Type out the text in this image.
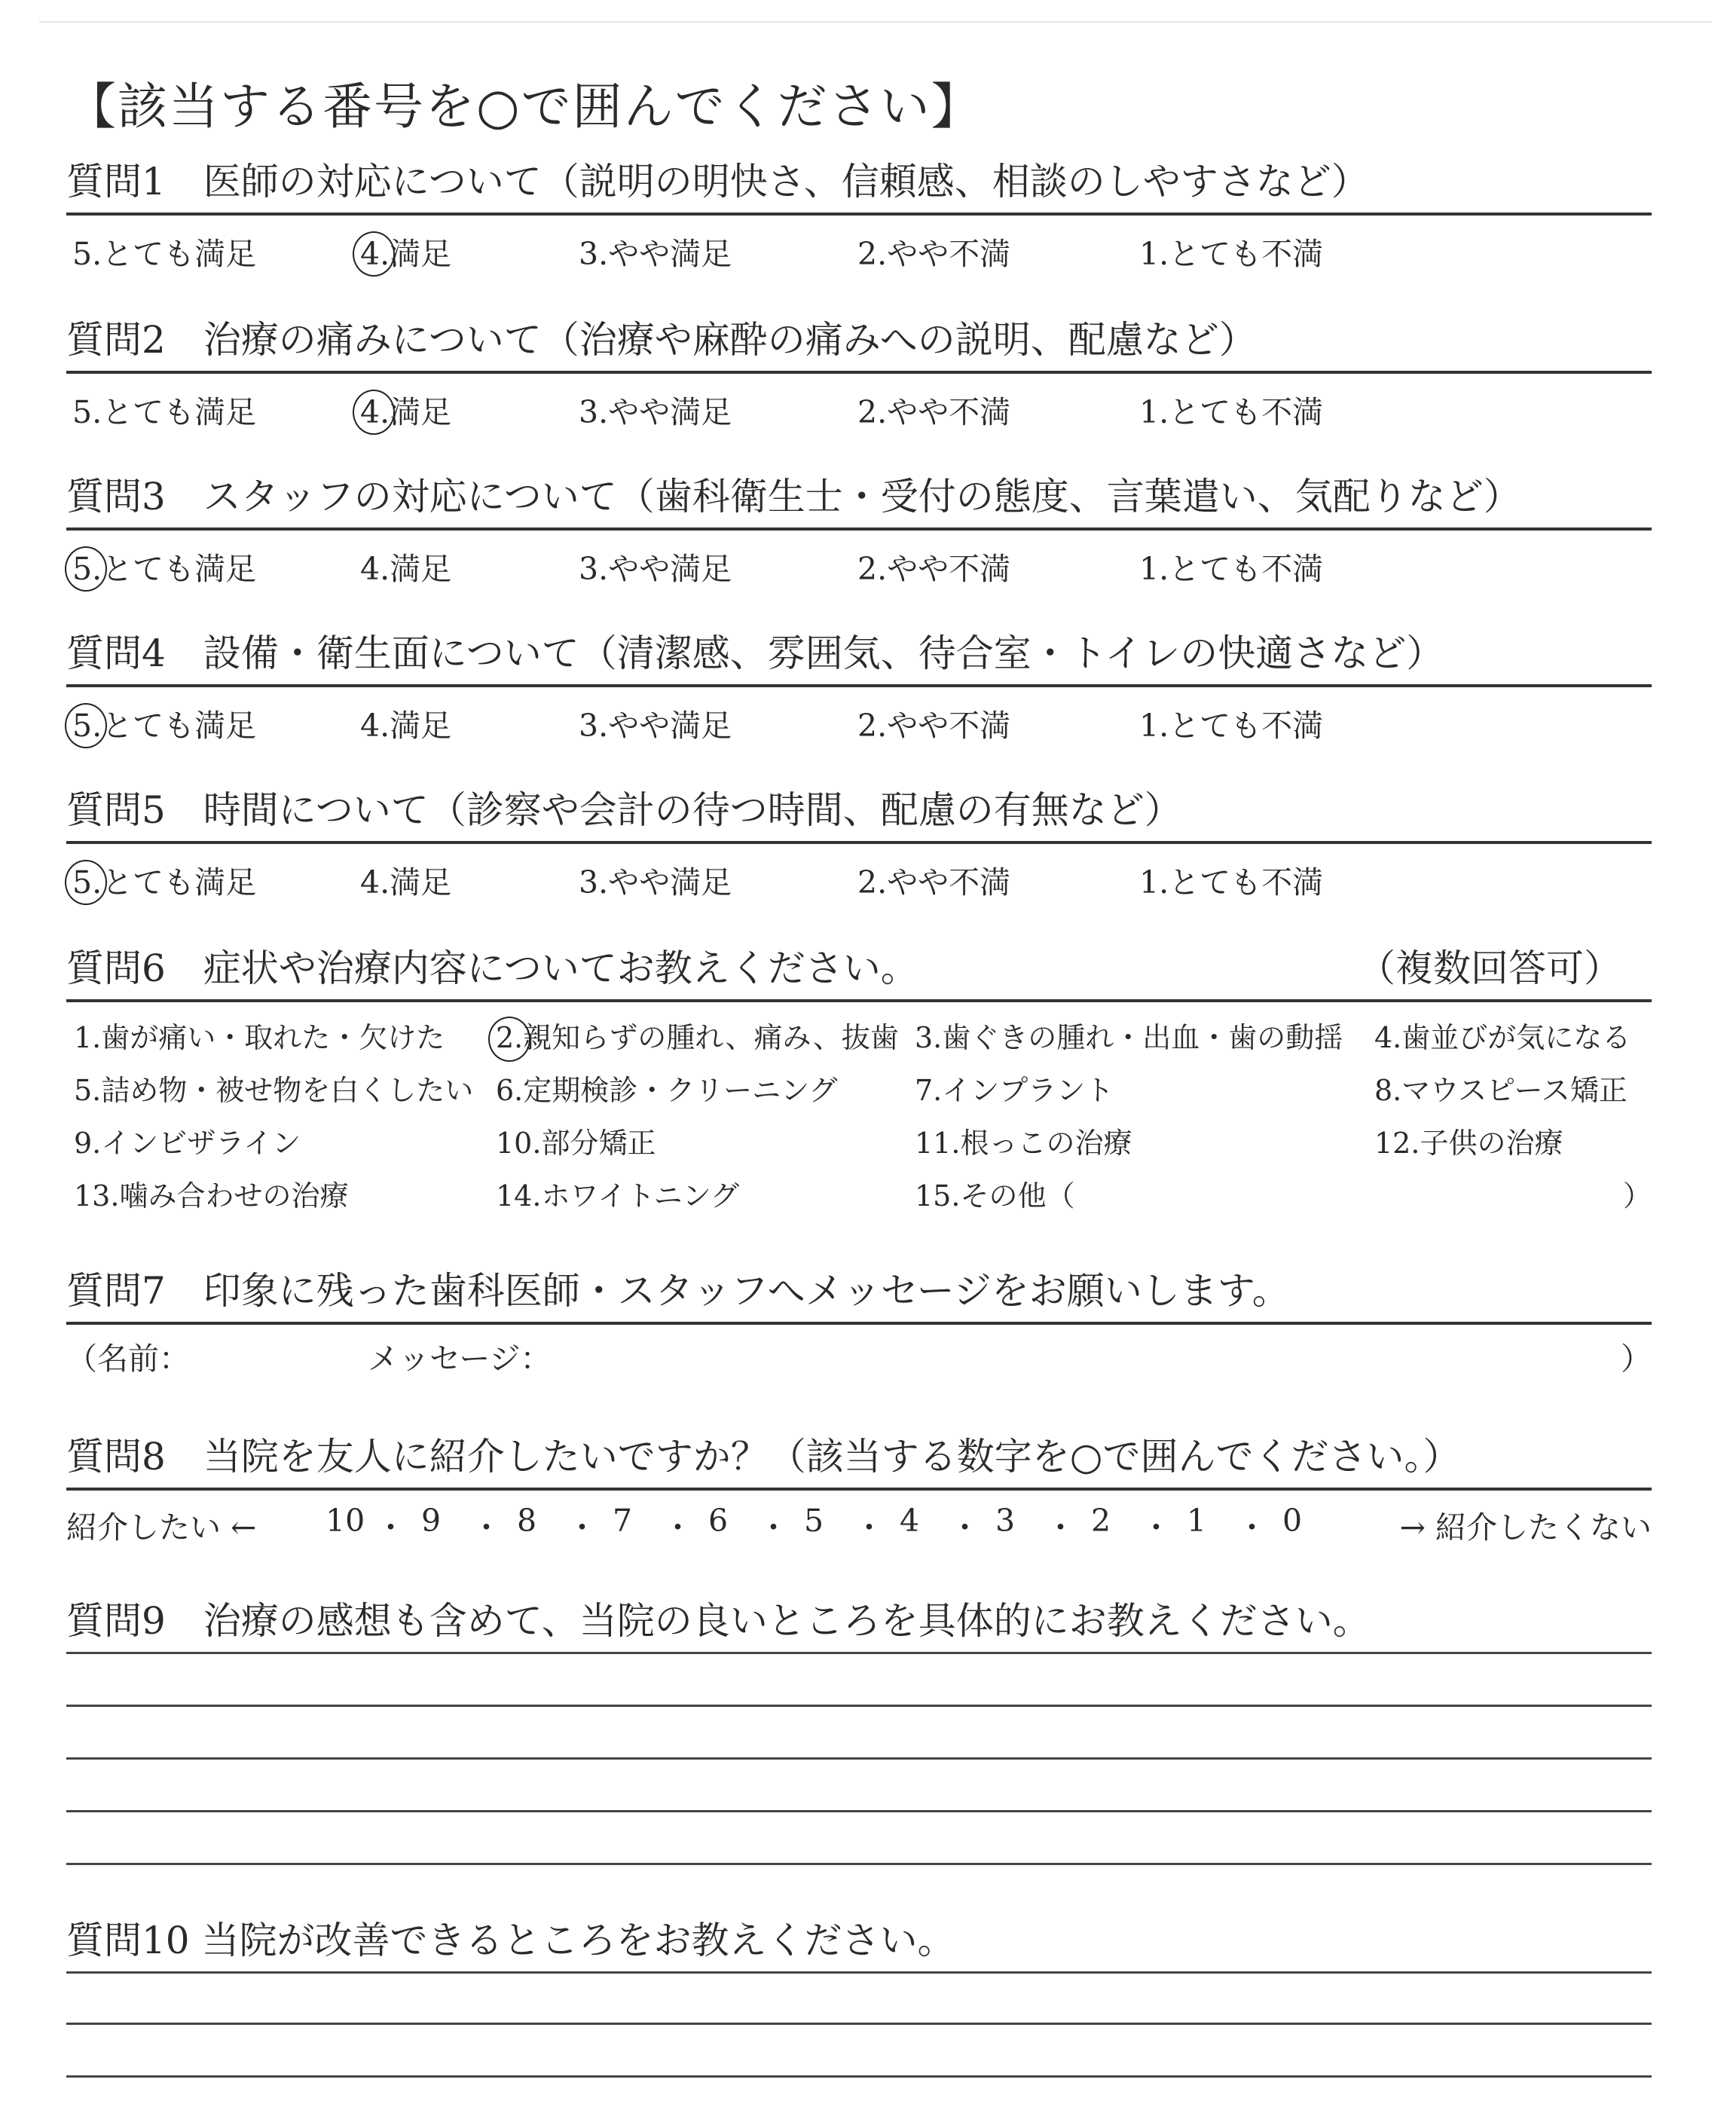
【該当する番号を○で囲んでください】
質問1　医師の対応について（説明の明快さ、信頼感、相談のしやすさなど）
5.とても満足	4.満足	3.やや満足	2.やや不満	1.とても不満
質問2　治療の痛みについて（治療や麻酔の痛みへの説明、配慮など）
5.とても満足	4.満足	3.やや満足	2.やや不満	1.とても不満
質問3　スタッフの対応について（歯科衛生士・受付の態度、言葉遣い、気配りなど）
5.とても満足	4.満足	3.やや満足	2.やや不満	1.とても不満
質問4　設備・衛生面について（清潔感、雰囲気、待合室・トイレの快適さなど）
5.とても満足	4.満足	3.やや満足	2.やや不満	1.とても不満
質問5　時間について（診察や会計の待つ時間、配慮の有無など）
5.とても満足	4.満足	3.やや満足	2.やや不満	1.とても不満
質問6　症状や治療内容についてお教えください。	（複数回答可）
）
1.歯が痛い・取れた・欠けた 2.親知らずの腫れ、痛み、抜歯 3.歯ぐきの腫れ・出血・歯の動揺 4.歯並びが気になる
5.詰め物・被せ物を白くしたい 6.定期検診・クリーニング	7.インプラント	8.マウスピース矯正
9.インビザライン	10.部分矯正	11.根っこの治療	12.子供の治療
13.噛み合わせの治療	14.ホワイトニング	15.その他（
質問7　印象に残った歯科医師・スタッフへメッセージをお願いします。
（名前：	メッセージ：	）
質問8　当院を友人に紹介したいですか？（該当する数字を○で囲んでください。）
紹介したい ←	→ 紹介したくない
10 ・ 9 ・ 8 ・ 7 ・ 6 ・ 5 ・ 4 ・ 3 ・ 2 ・ 1 ・ 0
質問9　治療の感想も含めて、当院の良いところを具体的にお教えください。
質問10 当院が改善できるところをお教えください。
